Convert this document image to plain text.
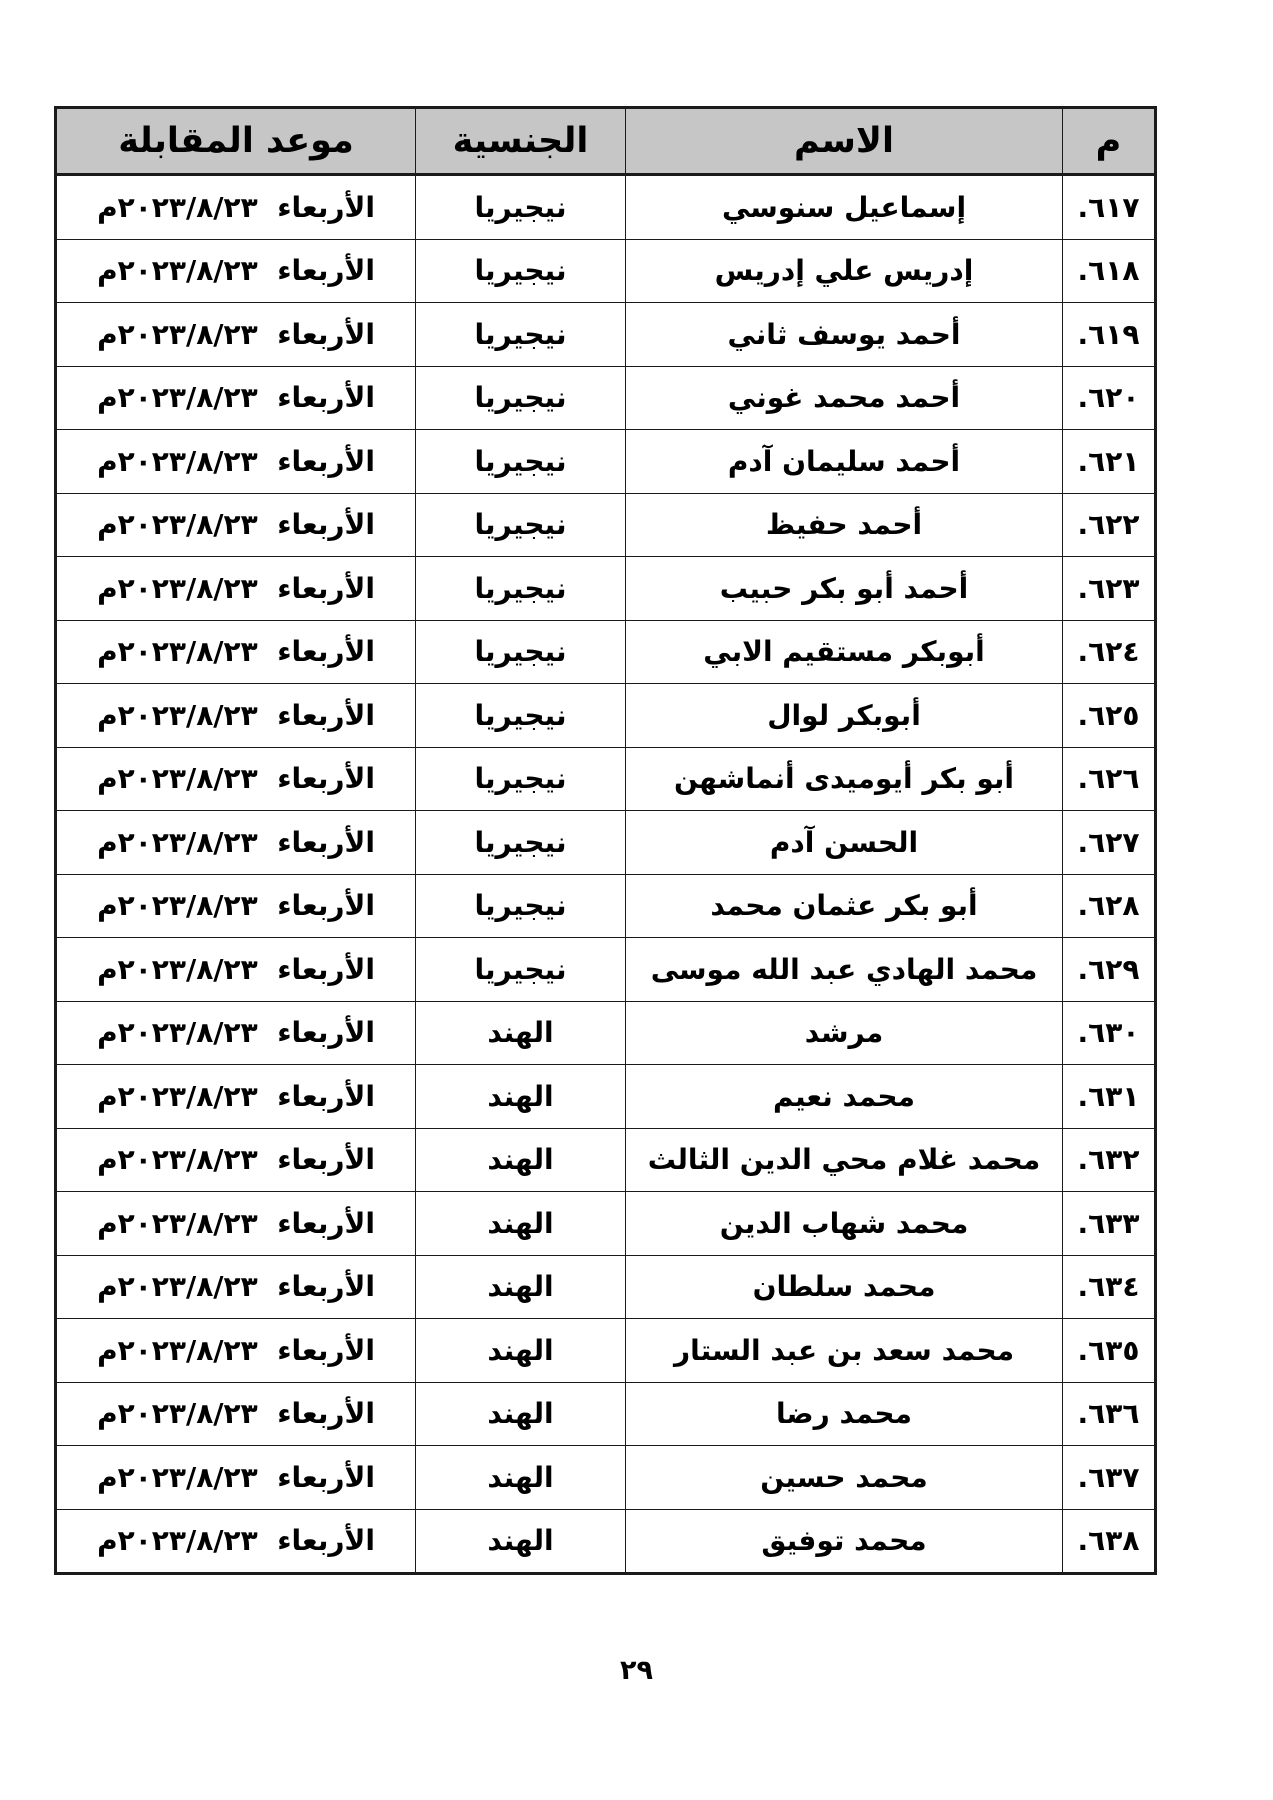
م	الاسم	الجنسية	موعد المقابلة
٦١٧.	إسماعيل سنوسي	نيجيريا	الأربعاء  ٢٠٢٣/٨/٢٣م
٦١٨.	إدريس علي إدريس	نيجيريا	الأربعاء  ٢٠٢٣/٨/٢٣م
٦١٩.	أحمد يوسف ثاني	نيجيريا	الأربعاء  ٢٠٢٣/٨/٢٣م
٦٢٠.	أحمد محمد غوني	نيجيريا	الأربعاء  ٢٠٢٣/٨/٢٣م
٦٢١.	أحمد سليمان آدم	نيجيريا	الأربعاء  ٢٠٢٣/٨/٢٣م
٦٢٢.	أحمد حفيظ	نيجيريا	الأربعاء  ٢٠٢٣/٨/٢٣م
٦٢٣.	أحمد أبو بكر حبيب	نيجيريا	الأربعاء  ٢٠٢٣/٨/٢٣م
٦٢٤.	أبوبكر مستقيم الابي	نيجيريا	الأربعاء  ٢٠٢٣/٨/٢٣م
٦٢٥.	أبوبكر لوال	نيجيريا	الأربعاء  ٢٠٢٣/٨/٢٣م
٦٢٦.	أبو بكر أيوميدى أنماشهن	نيجيريا	الأربعاء  ٢٠٢٣/٨/٢٣م
٦٢٧.	الحسن آدم	نيجيريا	الأربعاء  ٢٠٢٣/٨/٢٣م
٦٢٨.	أبو بكر عثمان محمد	نيجيريا	الأربعاء  ٢٠٢٣/٨/٢٣م
٦٢٩.	محمد الهادي عبد الله موسى	نيجيريا	الأربعاء  ٢٠٢٣/٨/٢٣م
٦٣٠.	مرشد	الهند	الأربعاء  ٢٠٢٣/٨/٢٣م
٦٣١.	محمد نعيم	الهند	الأربعاء  ٢٠٢٣/٨/٢٣م
٦٣٢.	محمد غلام محي الدين الثالث	الهند	الأربعاء  ٢٠٢٣/٨/٢٣م
٦٣٣.	محمد شهاب الدين	الهند	الأربعاء  ٢٠٢٣/٨/٢٣م
٦٣٤.	محمد سلطان	الهند	الأربعاء  ٢٠٢٣/٨/٢٣م
٦٣٥.	محمد سعد بن عبد الستار	الهند	الأربعاء  ٢٠٢٣/٨/٢٣م
٦٣٦.	محمد رضا	الهند	الأربعاء  ٢٠٢٣/٨/٢٣م
٦٣٧.	محمد حسين	الهند	الأربعاء  ٢٠٢٣/٨/٢٣م
٦٣٨.	محمد توفيق	الهند	الأربعاء  ٢٠٢٣/٨/٢٣م
٢٩
